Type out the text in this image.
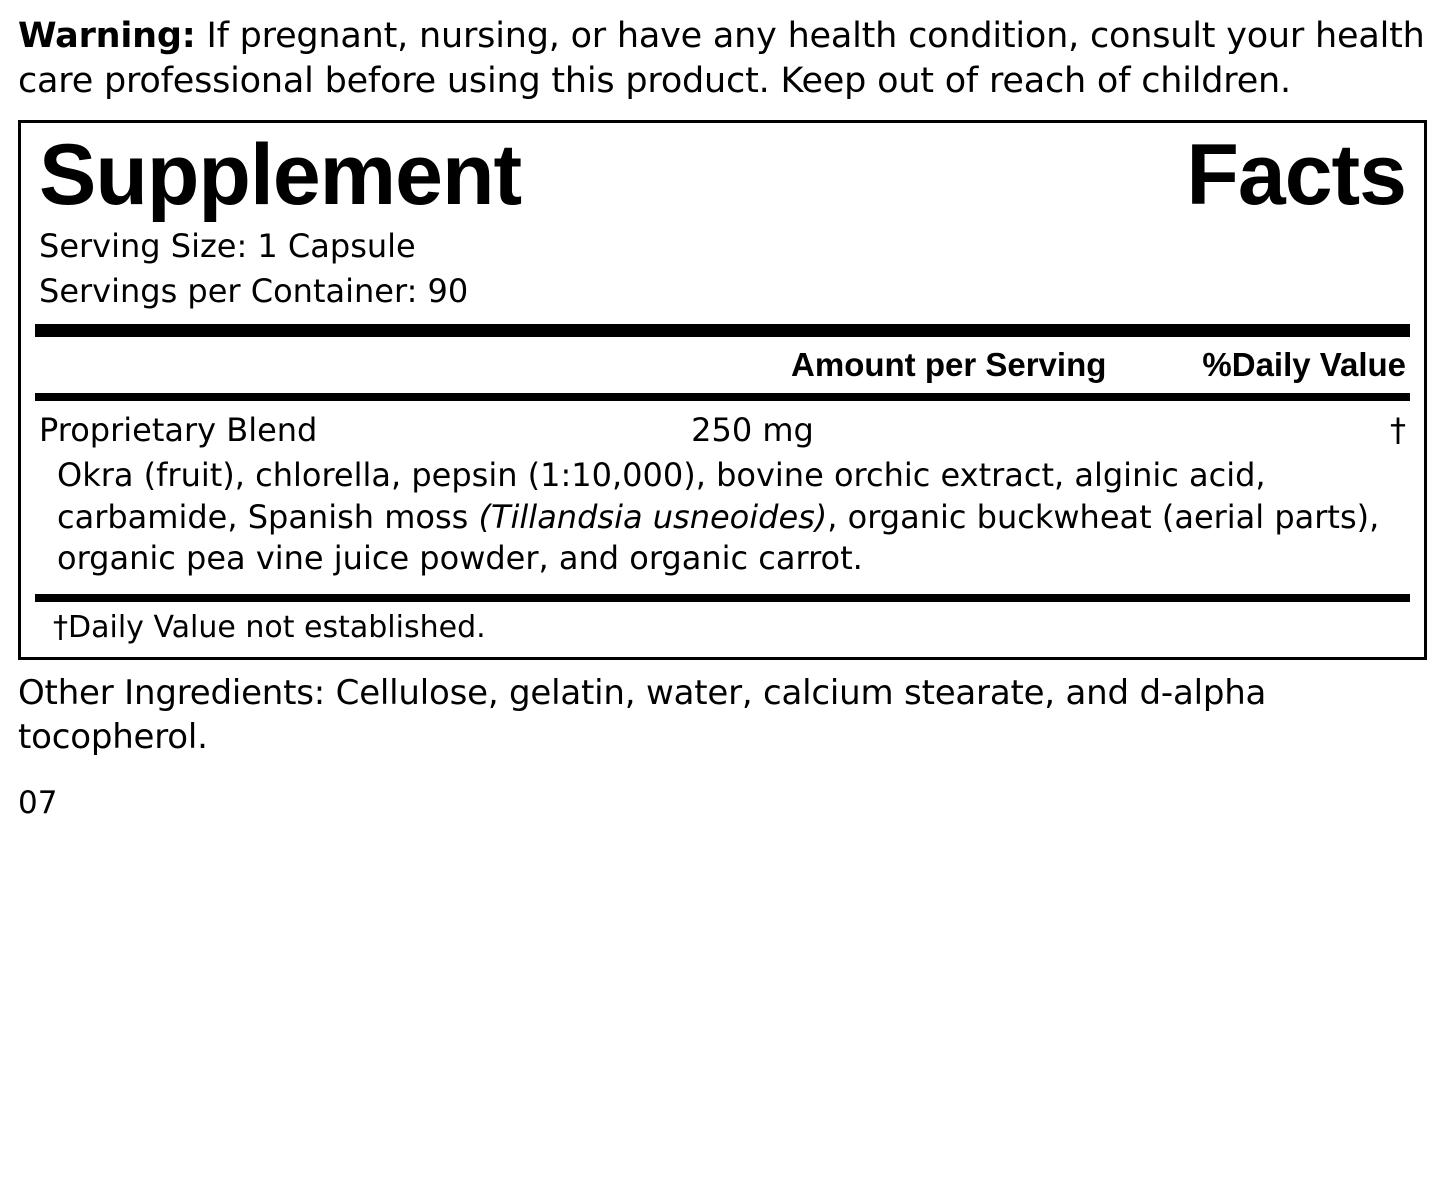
Warning: If pregnant, nursing, or have any health condition, consult your health care professional before using this product. Keep out of reach of children.
Supplement	Facts
Serving Size: 1 Capsule
Servings per Container: 90
Amount per Serving	%Daily Value
Proprietary Blend	250 mg	†
Okra (fruit), chlorella, pepsin (1:10,000), bovine orchic extract, alginic acid, carbamide, Spanish moss (Tillandsia usneoides), organic buckwheat (aerial parts), organic pea vine juice powder, and organic carrot.
†Daily Value not established.
Other Ingredients: Cellulose, gelatin, water, calcium stearate, and d-alpha tocopherol.
07
